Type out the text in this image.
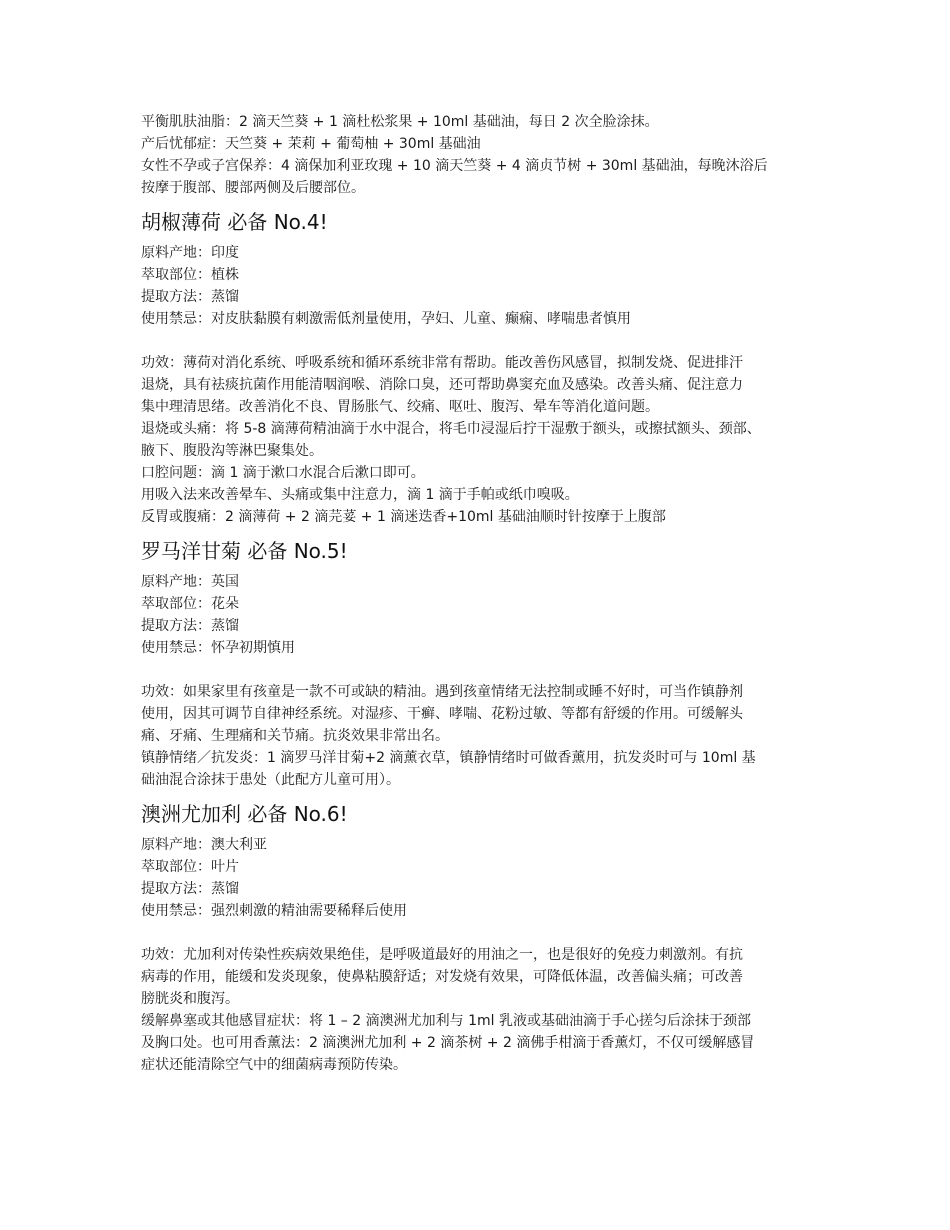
平衡肌肤油脂：2 滴天竺葵 + 1 滴杜松浆果 + 10ml 基础油，每日 2 次全脸涂抹。

产后忧郁症：天竺葵 + 茉莉 + 葡萄柚 + 30ml 基础油

女性不孕或子宫保养：4 滴保加利亚玫瑰 + 10 滴天竺葵 + 4 滴贞节树 + 30ml 基础油，每晚沐浴后

按摩于腹部、腰部两侧及后腰部位。

胡椒薄荷 必备 No.4!

原料产地：印度

萃取部位：植株

提取方法：蒸馏

使用禁忌：对皮肤黏膜有刺激需低剂量使用，孕妇、儿童、癫痫、哮喘患者慎用

功效：薄荷对消化系统、呼吸系统和循环系统非常有帮助。能改善伤风感冒，拟制发烧、促进排汗

退烧，具有祛痰抗菌作用能清咽润喉、消除口臭，还可帮助鼻窦充血及感染。改善头痛、促注意力

集中理清思绪。改善消化不良、胃肠胀气、绞痛、呕吐、腹泻、晕车等消化道问题。

退烧或头痛：将 5-8 滴薄荷精油滴于水中混合，将毛巾浸湿后拧干湿敷于额头，或擦拭额头、颈部、

腋下、腹股沟等淋巴聚集处。

口腔问题：滴 1 滴于漱口水混合后漱口即可。

用吸入法来改善晕车、头痛或集中注意力，滴 1 滴于手帕或纸巾嗅吸。

反胃或腹痛：2 滴薄荷 + 2 滴芫荽 + 1 滴迷迭香+10ml 基础油顺时针按摩于上腹部

罗马洋甘菊 必备 No.5!

原料产地：英国

萃取部位：花朵

提取方法：蒸馏

使用禁忌：怀孕初期慎用

功效：如果家里有孩童是一款不可或缺的精油。遇到孩童情绪无法控制或睡不好时，可当作镇静剂

使用，因其可调节自律神经系统。对湿疹、干癣、哮喘、花粉过敏、等都有舒缓的作用。可缓解头

痛、牙痛、生理痛和关节痛。抗炎效果非常出名。

镇静情绪／抗发炎：1 滴罗马洋甘菊+2 滴薰衣草，镇静情绪时可做香薰用，抗发炎时可与 10ml 基

础油混合涂抹于患处（此配方儿童可用）。

澳洲尤加利 必备 No.6!

原料产地：澳大利亚

萃取部位：叶片

提取方法：蒸馏

使用禁忌：强烈刺激的精油需要稀释后使用

功效：尤加利对传染性疾病效果绝佳，是呼吸道最好的用油之一，也是很好的免疫力刺激剂。有抗

病毒的作用，能缓和发炎现象，使鼻粘膜舒适；对发烧有效果，可降低体温，改善偏头痛；可改善

膀胱炎和腹泻。

缓解鼻塞或其他感冒症状：将 1 – 2 滴澳洲尤加利与 1ml 乳液或基础油滴于手心搓匀后涂抹于颈部

及胸口处。也可用香薰法：2 滴澳洲尤加利 + 2 滴茶树 + 2 滴佛手柑滴于香薰灯，不仅可缓解感冒

症状还能清除空气中的细菌病毒预防传染。
